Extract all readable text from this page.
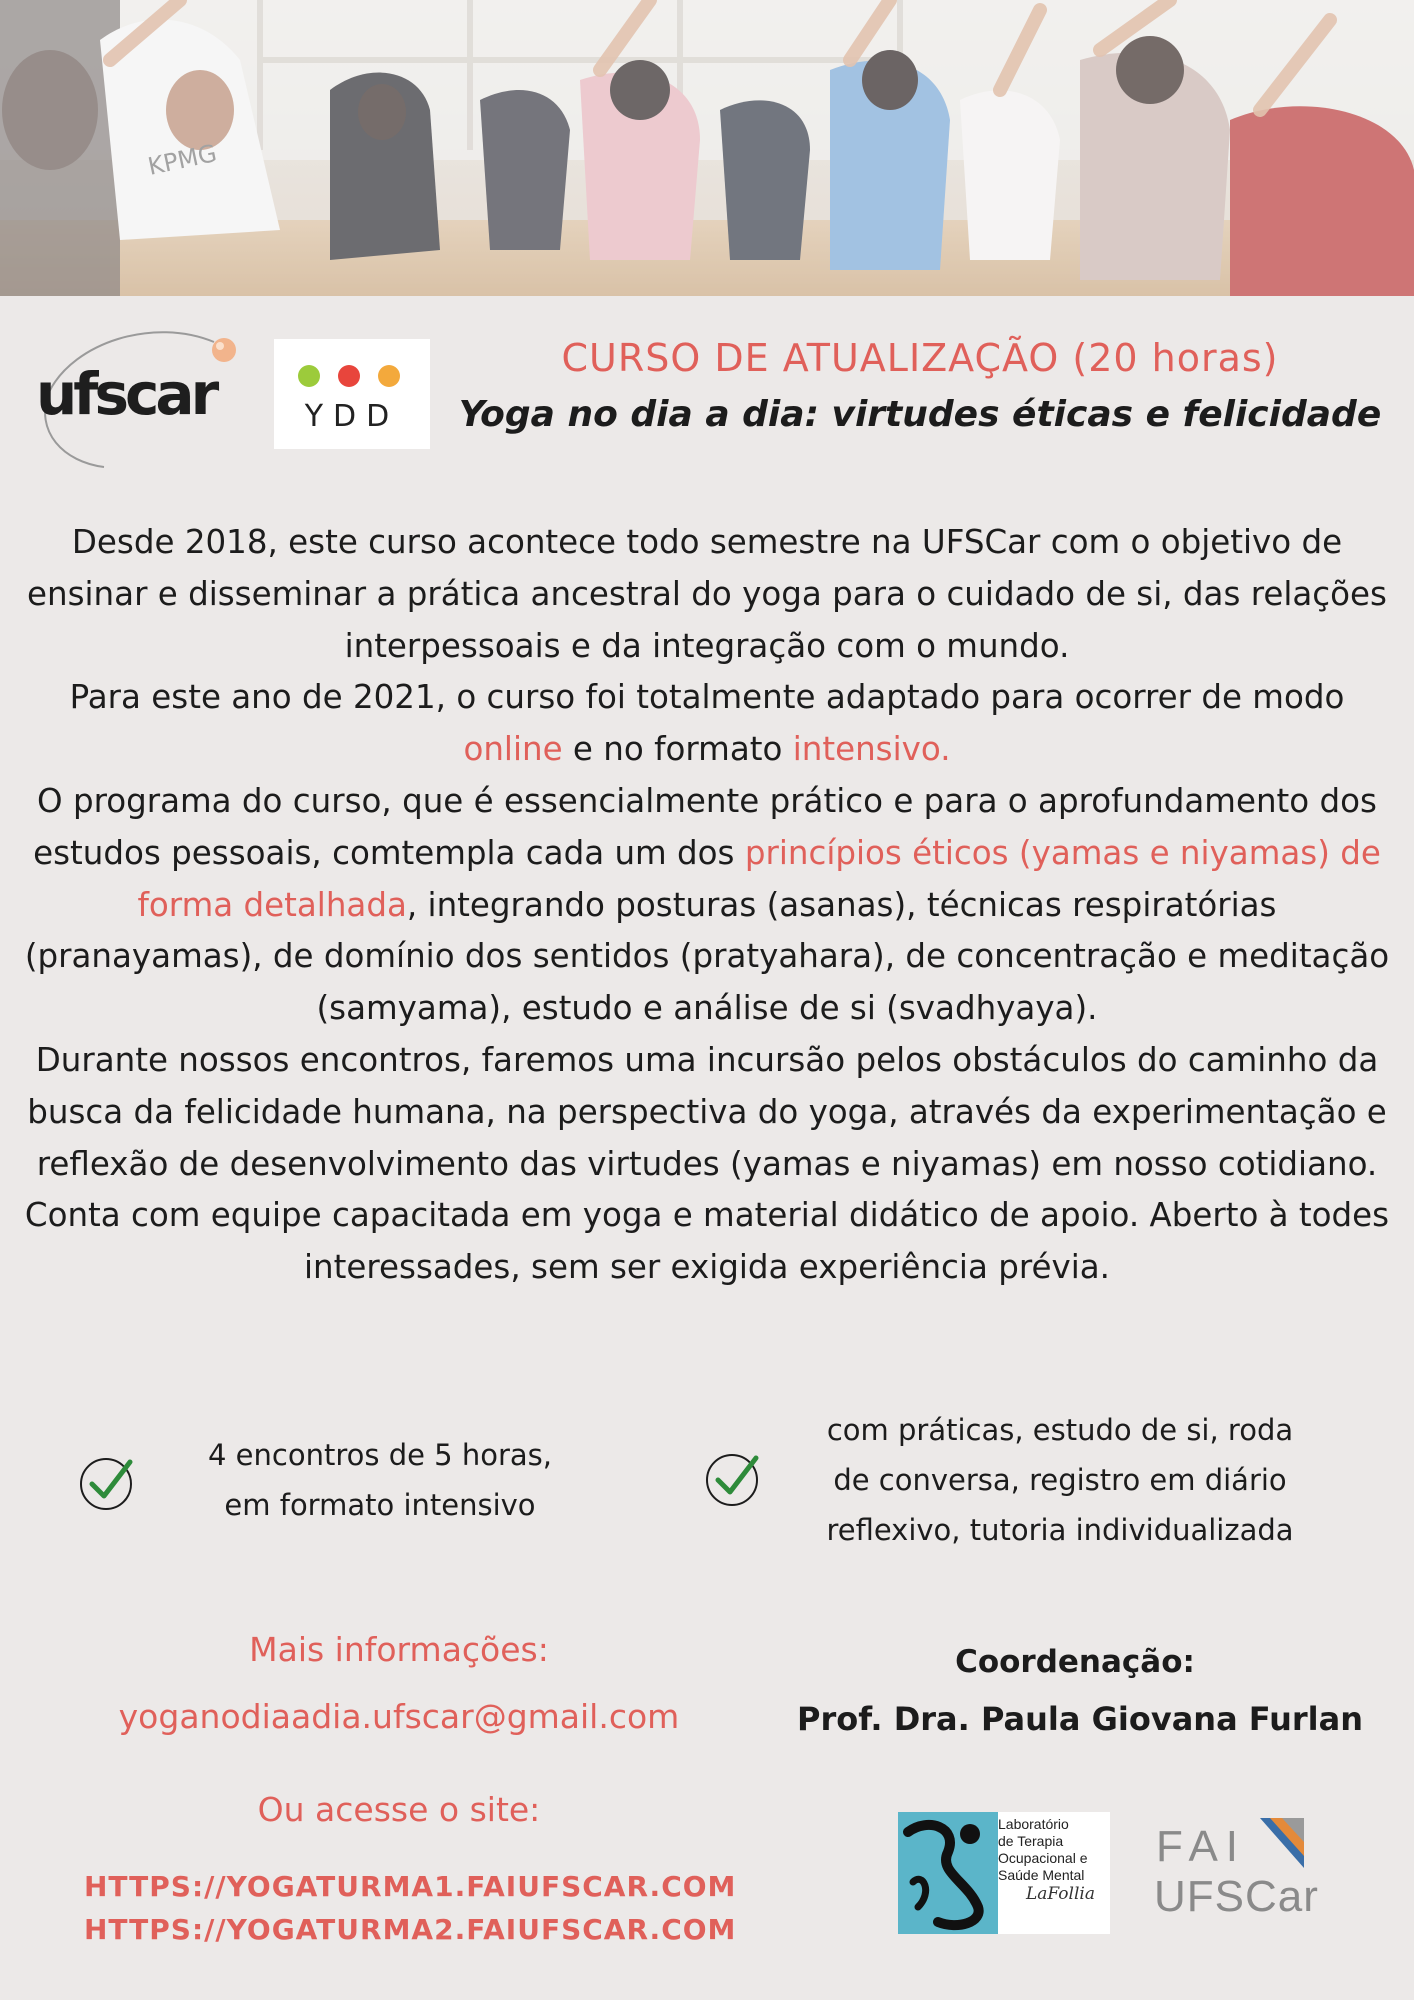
KPMG
ufscar	YDD
CURSO DE ATUALIZAÇÃO (20 horas)
Yoga no dia a dia: virtudes éticas e felicidade

Desde 2018, este curso acontece todo semestre na UFSCar com o objetivo de ensinar e disseminar a prática ancestral do yoga para o cuidado de si, das relações interpessoais e da integração com o mundo.

Para este ano de 2021, o curso foi totalmente adaptado para ocorrer de modo online e no formato intensivo.

O programa do curso, que é essencialmente prático e para o aprofundamento dos estudos pessoais, comtempla cada um dos princípios éticos (yamas e niyamas) de forma detalhada, integrando posturas (asanas), técnicas respiratórias (pranayamas), de domínio dos sentidos (pratyahara), de concentração e meditação (samyama), estudo e análise de si (svadhyaya).

Durante nossos encontros, faremos uma incursão pelos obstáculos do caminho da busca da felicidade humana, na perspectiva do yoga, através da experimentação e reflexão de desenvolvimento das virtudes (yamas e niyamas) em nosso cotidiano.

Conta com equipe capacitada em yoga e material didático de apoio. Aberto à todes interessades, sem ser exigida experiência prévia.

4 encontros de 5 horas,
em formato intensivo
com práticas, estudo de si, roda
de conversa, registro em diário
reflexivo, tutoria individualizada
Mais informações:
yoganodiaadia.ufscar@gmail.com
Ou acesse o site:
HTTPS://YOGATURMA1.FAIUFSCAR.COM
HTTPS://YOGATURMA2.FAIUFSCAR.COM
Coordenação:
Prof. Dra. Paula Giovana Furlan
Laboratório
de Terapia
Ocupacional e
Saúde Mental
LaFollia
FAI
UFSCar
